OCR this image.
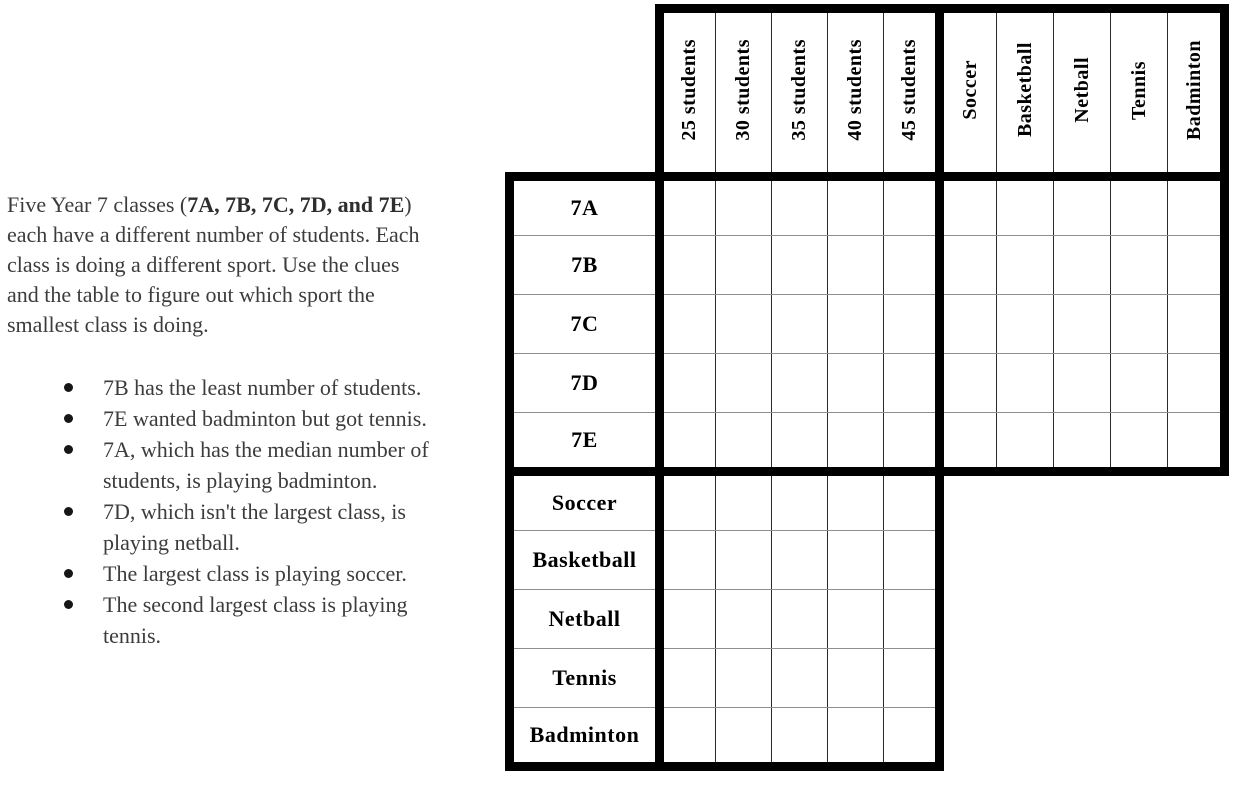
Five Year 7 classes (7A, 7B, 7C, 7D, and 7E) each have a different number of students. Each class is doing a different sport. Use the clues and the table to figure out which sport the smallest class is doing.

7B has the least number of students.
7E wanted badminton but got tennis.
7A, which has the median number of students, is playing badminton.
7D, which isn't the largest class, is playing netball.
The largest class is playing soccer.
The second largest class is playing tennis.
	25 students	30 students	35 students	40 students	45 students	Soccer	Basketball	Netball	Tennis	Badminton
7A										
7B										
7C										
7D										
7E										
Soccer										
Basketball										
Netball										
Tennis										
Badminton										
